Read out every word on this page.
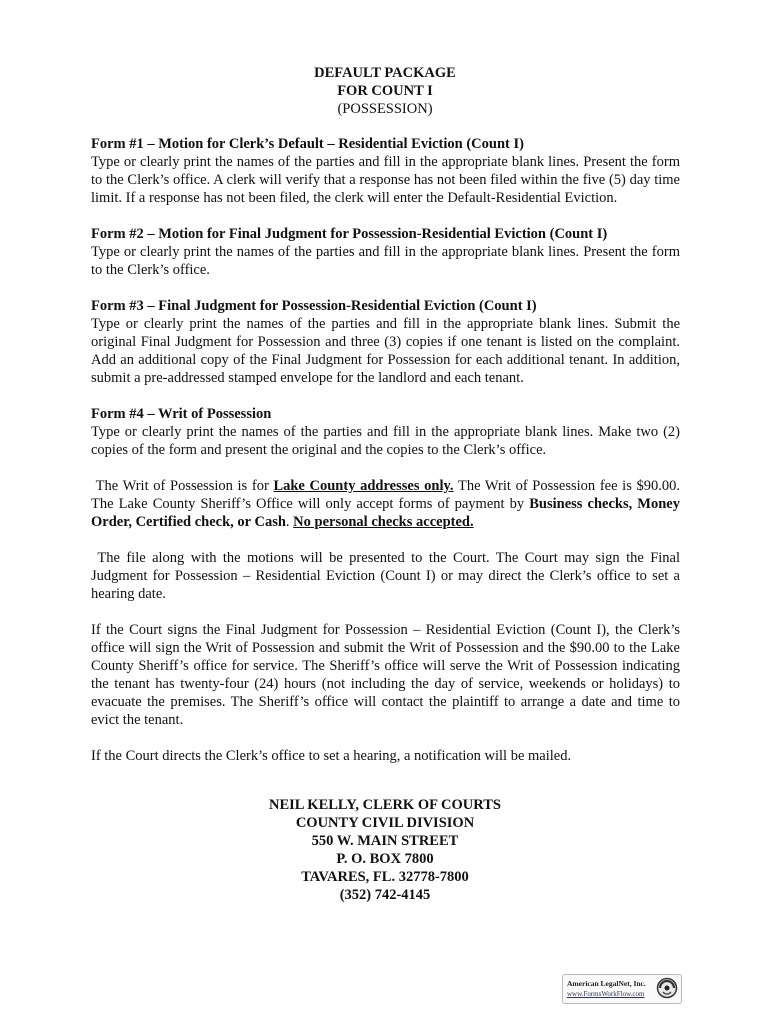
DEFAULT PACKAGE
FOR COUNT I
(POSSESSION)

Form #1 – Motion for Clerk’s Default – Residential Eviction (Count I)
Type or clearly print the names of the parties and fill in the appropriate blank lines. Present the form to the Clerk’s office. A clerk will verify that a response has not been filed within the five (5) day time limit. If a response has not been filed, the clerk will enter the Default-Residential Eviction.

Form #2 – Motion for Final Judgment for Possession-Residential Eviction (Count I)
Type or clearly print the names of the parties and fill in the appropriate blank lines. Present the form to the Clerk’s office.

Form #3 – Final Judgment for Possession-Residential Eviction (Count I)
Type or clearly print the names of the parties and fill in the appropriate blank lines. Submit the original Final Judgment for Possession and three (3) copies if one tenant is listed on the complaint. Add an additional copy of the Final Judgment for Possession for each additional tenant. In addition, submit a pre-addressed stamped envelope for the landlord and each tenant.

Form #4 – Writ of Possession
Type or clearly print the names of the parties and fill in the appropriate blank lines. Make two (2) copies of the form and present the original and the copies to the Clerk’s office.

The Writ of Possession is for Lake County addresses only. The Writ of Possession fee is $90.00. The Lake County Sheriff’s Office will only accept forms of payment by Business checks, Money Order, Certified check, or Cash. No personal checks accepted.

The file along with the motions will be presented to the Court. The Court may sign the Final Judgment for Possession – Residential Eviction (Count I) or may direct the Clerk’s office to set a hearing date.

If the Court signs the Final Judgment for Possession – Residential Eviction (Count I), the Clerk’s office will sign the Writ of Possession and submit the Writ of Possession and the $90.00 to the Lake County Sheriff’s office for service. The Sheriff’s office will serve the Writ of Possession indicating the tenant has twenty-four (24) hours (not including the day of service, weekends or holidays) to evacuate the premises. The Sheriff’s office will contact the plaintiff to arrange a date and time to evict the tenant.

If the Court directs the Clerk’s office to set a hearing, a notification will be mailed.

NEIL KELLY, CLERK OF COURTS
COUNTY CIVIL DIVISION
550 W. MAIN STREET
P. O. BOX 7800
TAVARES, FL. 32778-7800
(352) 742-4145
American LegalNet, Inc.
www.FormsWorkFlow.com
